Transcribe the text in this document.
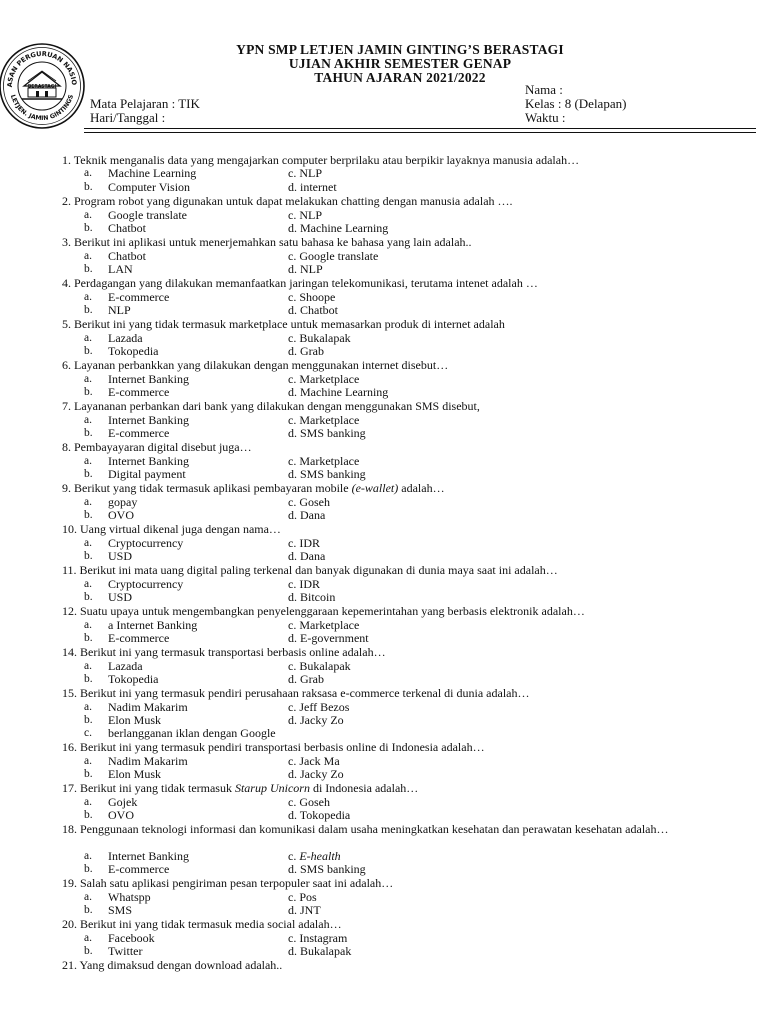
ASAN PERGURUAN NASIO
LETJEN. JAMIN GINTINGS
BERASTAGI
YPN SMP LETJEN JAMIN GINTING’S BERASTAGI
UJIAN AKHIR SEMESTER GENAP
TAHUN AJARAN 2021/2022
Nama :
Mata Pelajaran : TIK	Kelas : 8 (Delapan)
Hari/Tanggal :	Waktu :
1. Teknik menganalis data yang mengajarkan computer berprilaku atau berpikir layaknya manusia adalah…
a. Machine Learning	c. NLP
b. Computer Vision	d. internet
2. Program robot yang digunakan untuk dapat melakukan chatting dengan manusia adalah ….
a. Google translate	c. NLP
b. Chatbot	d. Machine Learning
3. Berikut ini aplikasi untuk menerjemahkan satu bahasa ke bahasa yang lain adalah..
a. Chatbot	c. Google translate
b. LAN	d. NLP
4. Perdagangan yang dilakukan memanfaatkan jaringan telekomunikasi, terutama intenet adalah …
a. E-commerce	c. Shoope
b. NLP	d. Chatbot
5. Berikut ini yang tidak termasuk marketplace untuk memasarkan produk di internet adalah
a. Lazada	c. Bukalapak
b. Tokopedia	d. Grab
6. Layanan perbankkan yang dilakukan dengan menggunakan internet disebut…
a. Internet Banking	c. Marketplace
b. E-commerce	d. Machine Learning
7. Layananan perbankan dari bank yang dilakukan dengan menggunakan SMS disebut,
a. Internet Banking	c. Marketplace
b. E-commerce	d. SMS banking
8. Pembayayaran digital disebut juga…
a. Internet Banking	c. Marketplace
b. Digital payment	d. SMS banking
9. Berikut yang tidak termasuk aplikasi pembayaran mobile (e-wallet) adalah…
a. gopay	c. Goseh
b. OVO	d. Dana
10. Uang virtual dikenal juga dengan nama…
a. Cryptocurrency	c. IDR
b. USD	d. Dana
11. Berikut ini mata uang digital paling terkenal dan banyak digunakan di dunia maya saat ini adalah…
a. Cryptocurrency	c. IDR
b. USD	d. Bitcoin
12. Suatu upaya untuk mengembangkan penyelenggaraan kepemerintahan yang berbasis elektronik adalah…
a. a Internet Banking	c. Marketplace
b. E-commerce	d. E-government
14. Berikut ini yang termasuk transportasi berbasis online adalah…
a. Lazada	c. Bukalapak
b. Tokopedia	d. Grab
15. Berikut ini yang termasuk pendiri perusahaan raksasa e-commerce terkenal di dunia adalah…
a. Nadim Makarim	c. Jeff Bezos
b. Elon Musk	d. Jacky Zo
c. berlangganan iklan dengan Google
16. Berikut ini yang termasuk pendiri transportasi berbasis online di Indonesia adalah…
a. Nadim Makarim	c. Jack Ma
b. Elon Musk	d. Jacky Zo
17. Berikut ini yang tidak termasuk Starup Unicorn di Indonesia adalah…
a. Gojek	c. Goseh
b. OVO	d. Tokopedia
18. Penggunaan teknologi informasi dan komunikasi dalam usaha meningkatkan kesehatan dan perawatan kesehatan adalah…
a. Internet Banking	c. E-health
b. E-commerce	d. SMS banking
19. Salah satu aplikasi pengiriman pesan terpopuler saat ini adalah…
a. Whatspp	c. Pos
b. SMS	d. JNT
20. Berikut ini yang tidak termasuk media social adalah…
a. Facebook	c. Instagram
b. Twitter	d. Bukalapak
21. Yang dimaksud dengan download adalah..
